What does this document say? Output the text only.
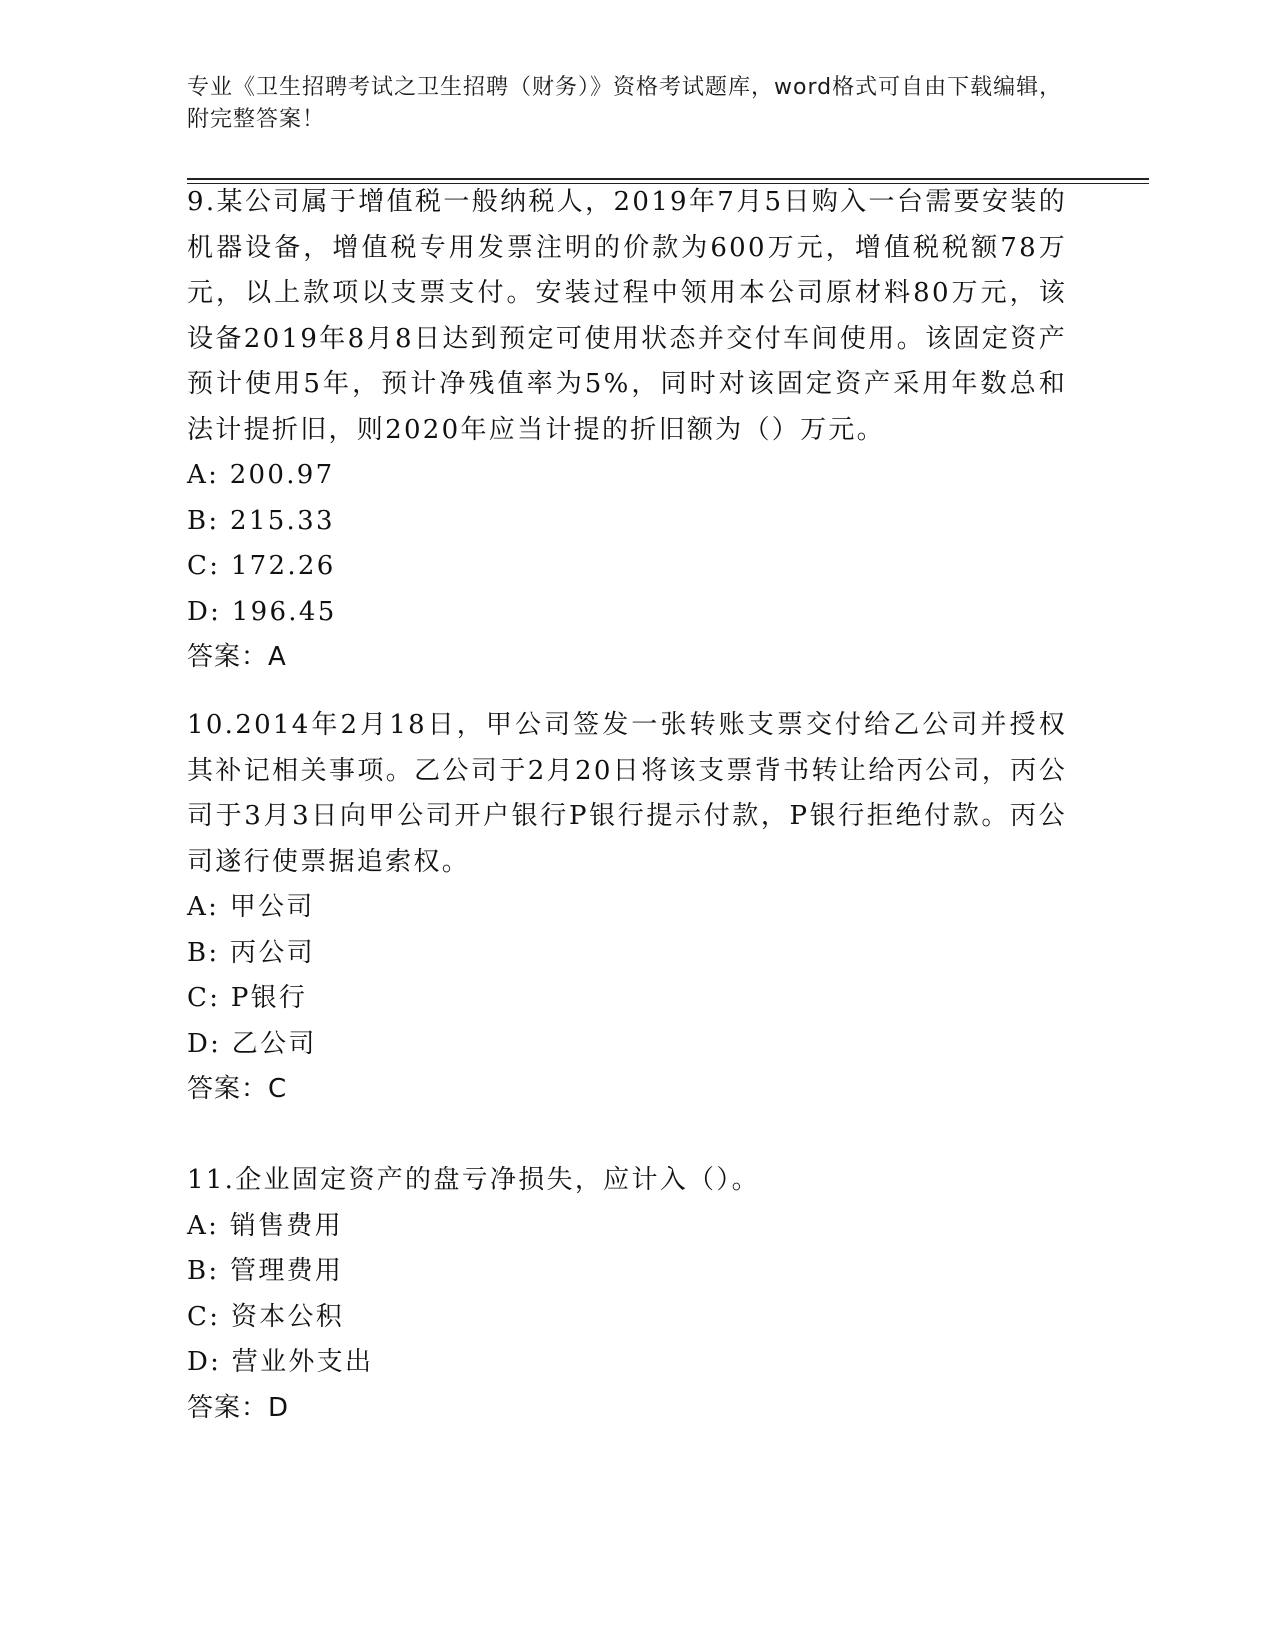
专业《卫生招聘考试之卫生招聘（财务）》资格考试题库，word格式可自由下载编辑，附完整答案！

9.某公司属于增值税一般纳税人，2019年7月5日购入一台需要安装的机器设备，增值税专用发票注明的价款为600万元，增值税税额78万元，以上款项以支票支付。安装过程中领用本公司原材料80万元，该设备2019年8月8日达到预定可使用状态并交付车间使用。该固定资产预计使用5年，预计净残值率为5%，同时对该固定资产采用年数总和法计提折旧，则2020年应当计提的折旧额为（）万元。

A: 200.97

B: 215.33

C: 172.26

D: 196.45

答案：A

10.2014年2月18日，甲公司签发一张转账支票交付给乙公司并授权其补记相关事项。乙公司于2月20日将该支票背书转让给丙公司，丙公司于3月3日向甲公司开户银行P银行提示付款，P银行拒绝付款。丙公司遂行使票据追索权。

A: 甲公司

B: 丙公司

C: P银行

D: 乙公司

答案：C

11.企业固定资产的盘亏净损失，应计入（）。

A: 销售费用

B: 管理费用

C: 资本公积

D: 营业外支出

答案：D
